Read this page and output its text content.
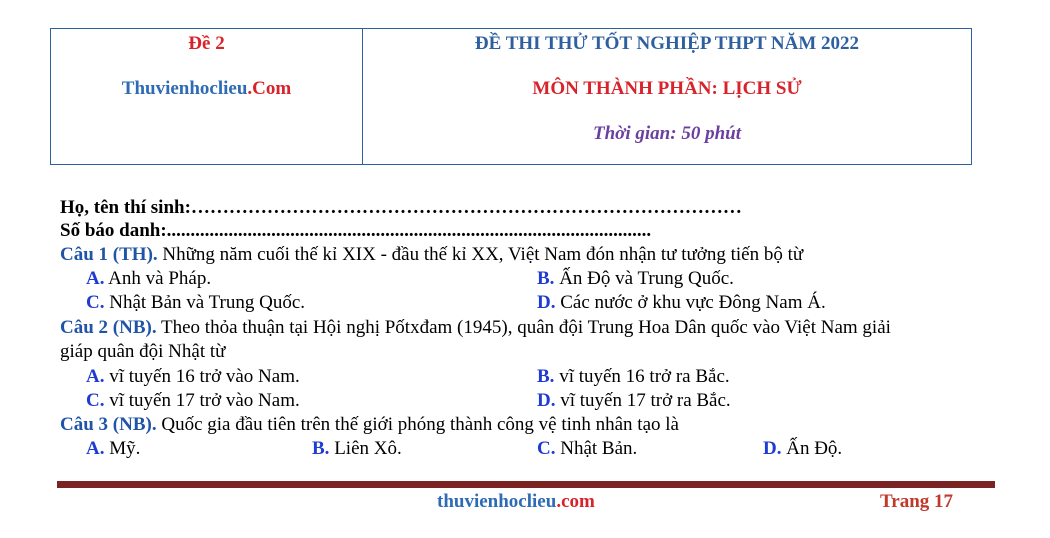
Đề 2
Thuvienhoclieu.Com
ĐỀ THI THỬ TỐT NGHIỆP THPT NĂM 2022
MÔN THÀNH PHẦN: LỊCH SỬ
Thời gian: 50 phút
Họ, tên thí sinh:……………………………………………………………………………
Số báo danh:......................................................................................................
Câu 1 (TH). Những năm cuối thế kỉ XIX - đầu thế kỉ XX, Việt Nam đón nhận tư tưởng tiến bộ từ
A. Anh và Pháp.	B. Ấn Độ và Trung Quốc.
C. Nhật Bản và Trung Quốc.	D. Các nước ở khu vực Đông Nam Á.
Câu 2 (NB). Theo thỏa thuận tại Hội nghị Pốtxđam (1945), quân đội Trung Hoa Dân quốc vào Việt Nam giải
giáp quân đội Nhật từ
A. vĩ tuyến 16 trở vào Nam.	B. vĩ tuyến 16 trở ra Bắc.
C. vĩ tuyến 17 trở vào Nam.	D. vĩ tuyến 17 trở ra Bắc.
Câu 3 (NB). Quốc gia đầu tiên trên thế giới phóng thành công vệ tinh nhân tạo là
A. Mỹ.	B. Liên Xô.	C. Nhật Bản.	D. Ấn Độ.
thuvienhoclieu.com	Trang 17
